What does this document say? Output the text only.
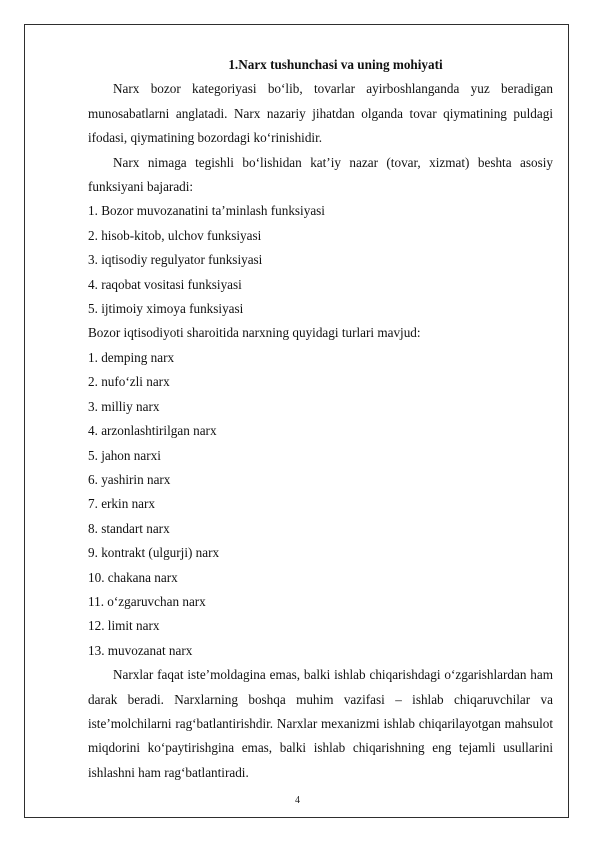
1.Narx tushunchasi va uning mohiyati

Narx bozor kategoriyasi bo‘lib, tovarlar ayirboshlanganda yuz beradigan munosabatlarni anglatadi. Narx nazariy jihatdan olganda tovar qiymatining puldagi ifodasi, qiymatining bozordagi ko‘rinishidir.

Narx nimaga tegishli bo‘lishidan kat’iy nazar (tovar, xizmat) beshta asosiy funksiyani bajaradi:

1. Bozor muvozanatini ta’minlash funksiyasi
2. hisob-kitob, ulchov funksiyasi
3. iqtisodiy regulyator funksiyasi
4. raqobat vositasi funksiyasi
5. ijtimoiy ximoya funksiyasi

Bozor iqtisodiyoti sharoitida narxning quyidagi turlari mavjud:

1. demping narx
2. nufo‘zli narx
3. milliy narx
4. arzonlashtirilgan narx
5. jahon narxi
6. yashirin narx
7. erkin narx
8. standart narx
9. kontrakt (ulgurji) narx
10. chakana narx
11. o‘zgaruvchan narx
12. limit narx
13. muvozanat narx

Narxlar faqat iste’moldagina emas, balki ishlab chiqarishdagi o‘zgarishlardan ham darak beradi. Narxlarning boshqa muhim vazifasi – ishlab chiqaruvchilar va iste’molchilarni rag‘batlantirishdir. Narxlar mexanizmi ishlab chiqarilayotgan mahsulot miqdorini ko‘paytirishgina emas, balki ishlab chiqarishning eng tejamli usullarini ishlashni ham rag‘batlantiradi.

4
